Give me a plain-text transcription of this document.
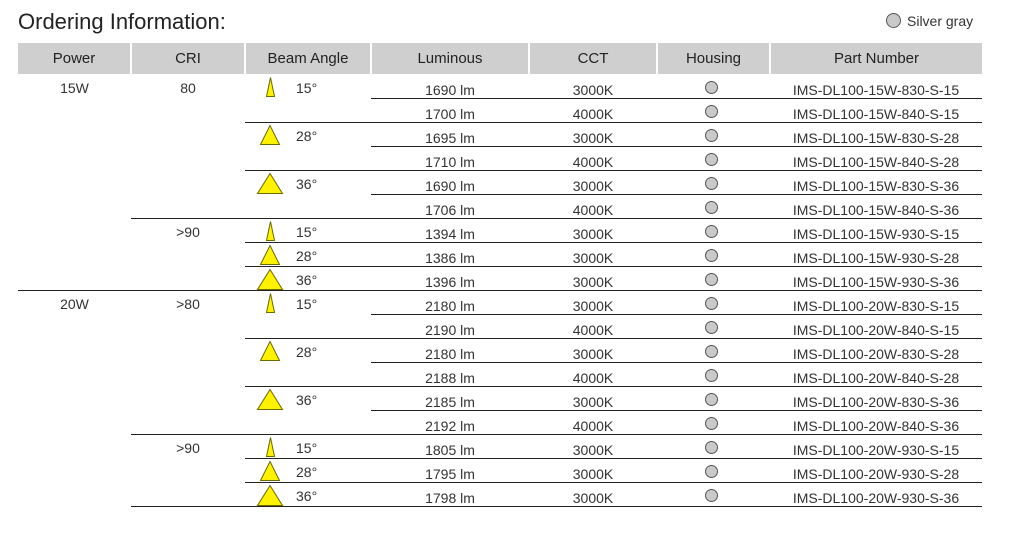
Ordering Information:	Silver gray
Power	CRI	Beam Angle	Luminous	CCT	Housing	Part Number
15W	80	15°	1690 lm	3000K	IMS-DL100-15W-830-S-15
1700 lm	4000K	IMS-DL100-15W-840-S-15
28°	1695 lm	3000K	IMS-DL100-15W-830-S-28
1710 lm	4000K	IMS-DL100-15W-840-S-28
36°	1690 lm	3000K	IMS-DL100-15W-830-S-36
1706 lm	4000K	IMS-DL100-15W-840-S-36
>90	15°	1394 lm	3000K	IMS-DL100-15W-930-S-15
28°	1386 lm	3000K	IMS-DL100-15W-930-S-28
36°	1396 lm	3000K	IMS-DL100-15W-930-S-36
20W	>80	15°	2180 lm	3000K	IMS-DL100-20W-830-S-15
2190 lm	4000K	IMS-DL100-20W-840-S-15
28°	2180 lm	3000K	IMS-DL100-20W-830-S-28
2188 lm	4000K	IMS-DL100-20W-840-S-28
36°	2185 lm	3000K	IMS-DL100-20W-830-S-36
2192 lm	4000K	IMS-DL100-20W-840-S-36
>90	15°	1805 lm	3000K	IMS-DL100-20W-930-S-15
28°	1795 lm	3000K	IMS-DL100-20W-930-S-28
36°	1798 lm	3000K	IMS-DL100-20W-930-S-36
